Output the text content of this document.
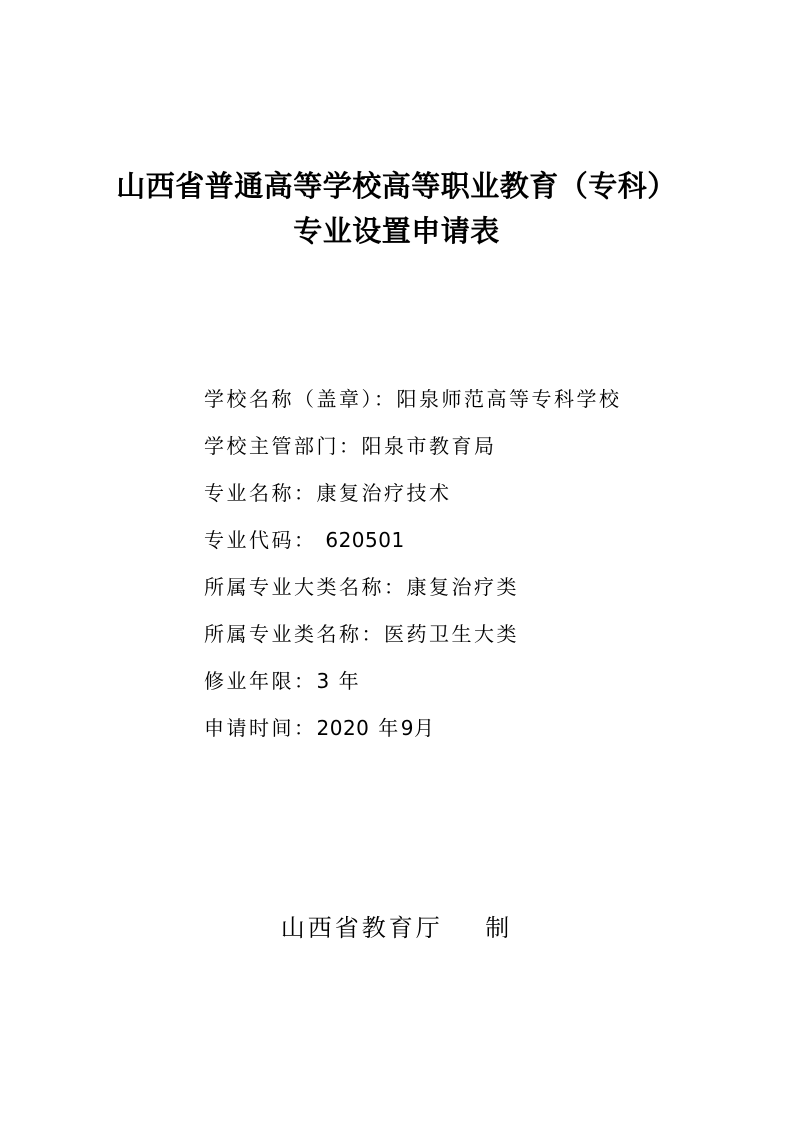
山西省普通高等学校高等职业教育（专科）
专业设置申请表
学校名称（盖章）：阳泉师范高等专科学校
学校主管部门：阳泉市教育局
专业名称：康复治疗技术
专业代码： 620501
所属专业大类名称：康复治疗类
所属专业类名称：医药卫生大类
修业年限：3 年
申请时间：2020 年9月
山西省教育厅 制
